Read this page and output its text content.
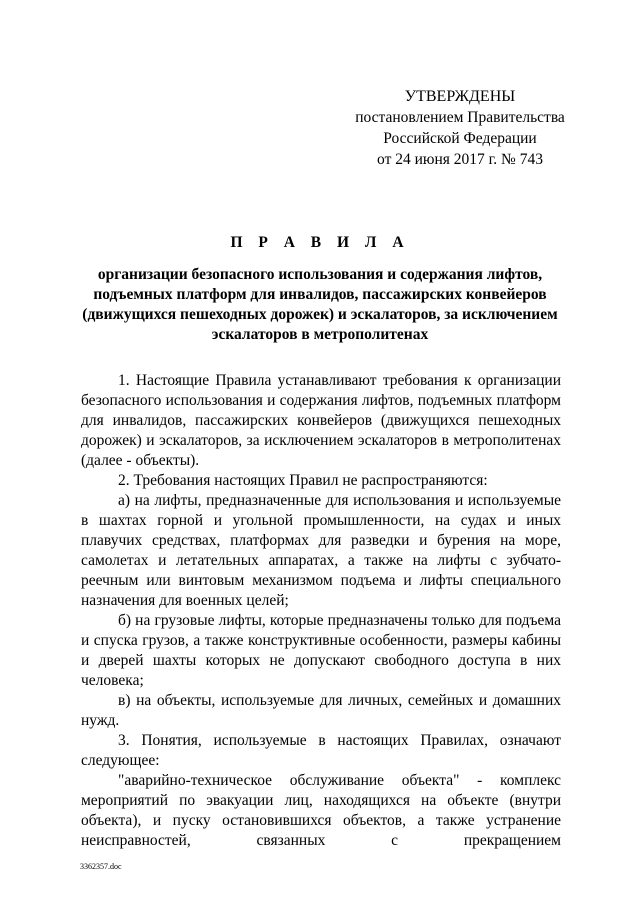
УТВЕРЖДЕНЫ
постановлением Правительства
Российской Федерации
от 24 июня 2017 г. № 743
П Р А В И Л А
организации безопасного использования и содержания лифтов, подъемных платформ для инвалидов, пассажирских конвейеров (движущихся пешеходных дорожек) и эскалаторов, за исключением эскалаторов в метрополитенах

1. Настоящие Правила устанавливают требования к организации безопасного использования и содержания лифтов, подъемных платформ для инвалидов, пассажирских конвейеров (движущихся пешеходных дорожек) и эскалаторов, за исключением эскалаторов в метрополитенах (далее - объекты).

2. Требования настоящих Правил не распространяются:

а) на лифты, предназначенные для использования и используемые в шахтах горной и угольной промышленности, на судах и иных плавучих средствах, платформах для разведки и бурения на море, самолетах и летательных аппаратах, а также на лифты с зубчато-реечным или винтовым механизмом подъема и лифты специального назначения для военных целей;

б) на грузовые лифты, которые предназначены только для подъема и спуска грузов, а также конструктивные особенности, размеры кабины и дверей шахты которых не допускают свободного доступа в них человека;

в) на объекты, используемые для личных, семейных и домашних нужд.

3. Понятия, используемые в настоящих Правилах, означают следующее:

"аварийно-техническое обслуживание объекта" - комплекс мероприятий по эвакуации лиц, находящихся на объекте (внутри объекта), и пуску остановившихся объектов, а также устранение неисправностей, связанных с прекращением

3362357.doc
